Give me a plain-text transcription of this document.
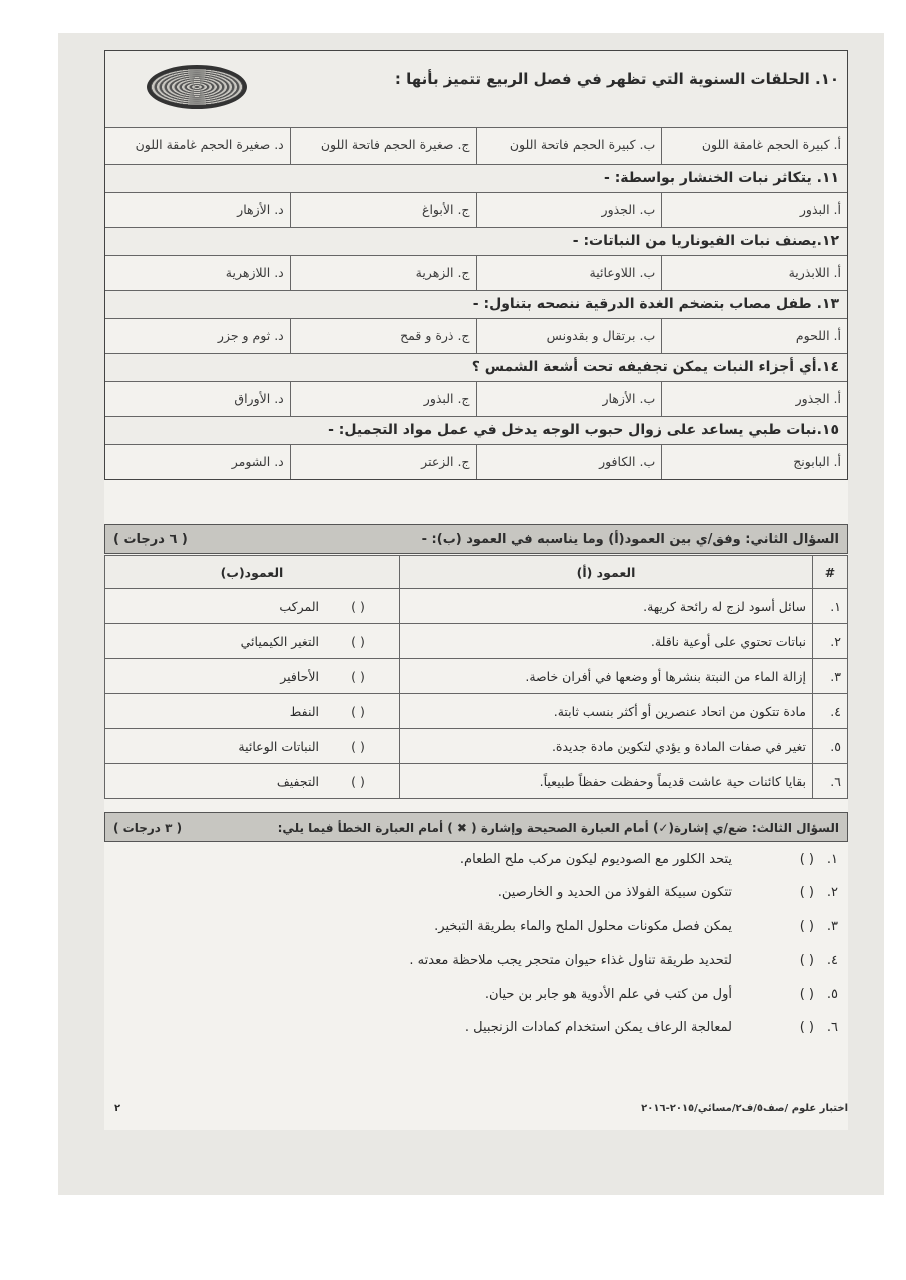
١٠. الحلقات السنوية التي تظهر في فصل الربيع تتميز بأنها :
أ. كبيرة الحجم غامقة اللون
ب. كبيرة الحجم فاتحة اللون
ج. صغيرة الحجم فاتحة اللون
د. صغيرة الحجم غامقة اللون
١١. يتكاثر نبات الخنشار بواسطة: -
أ. البذور
ب. الجذور
ج. الأبواغ
د. الأزهار
١٢.يصنف نبات الفيوناريا من النباتات: -
أ. اللابذرية
ب. اللاوعائية
ج. الزهرية
د. اللازهرية
١٣. طفل مصاب بتضخم الغدة الدرقية ننصحه بتناول: -
أ. اللحوم
ب. برتقال و بقدونس
ج. ذرة و قمح
د. ثوم و جزر
١٤.أي أجزاء النبات يمكن تجفيفه تحت أشعة الشمس ؟
أ. الجذور
ب. الأزهار
ج. البذور
د. الأوراق
١٥.نبات طبي يساعد على زوال حبوب الوجه يدخل في عمل مواد التجميل: -
أ. البابونج
ب. الكافور
ج. الزعتر
د. الشومر
السؤال الثاني: وفق/ي بين العمود(أ) وما يناسبه في العمود (ب): -
( ٦ درجات )
#	العمود (أ)	العمود(ب)
١.	سائل أسود لزج له رائحة كريهة.	( ) المركب
٢.	نباتات تحتوي على أوعية ناقلة.	( ) التغير الكيميائي
٣.	إزالة الماء من النبتة بنشرها أو وضعها في أفران خاصة.	( ) الأحافير
٤.	مادة تتكون من اتحاد عنصرين أو أكثر بنسب ثابتة.	( ) النفط
٥.	تغير في صفات المادة و يؤدي لتكوين مادة جديدة.	( ) النباتات الوعائية
٦.	بقايا كائنات حية عاشت قديماً وحفظت حفظاً طبيعياً.	( ) التجفيف
السؤال الثالث: ضع/ي إشارة(✓) أمام العبارة الصحيحة وإشارة ( ✖ ) أمام العبارة الخطأ فيما يلي:
( ٣ درجات )
١.( )يتحد الكلور مع الصوديوم ليكون مركب ملح الطعام.
٢.( )تتكون سبيكة الفولاذ من الحديد و الخارصين.
٣.( )يمكن فصل مكونات محلول الملح والماء بطريقة التبخير.
٤.( )لتحديد طريقة تناول غذاء حيوان متحجر يجب ملاحظة معدته .
٥.( )أول من كتب في علم الأدوية هو جابر بن حيان.
٦.( )لمعالجة الرعاف يمكن استخدام كمادات الزنجبيل .
اختبار علوم /صف٥/ف٢/مسائي/٢٠١٥-٢٠١٦
٢
